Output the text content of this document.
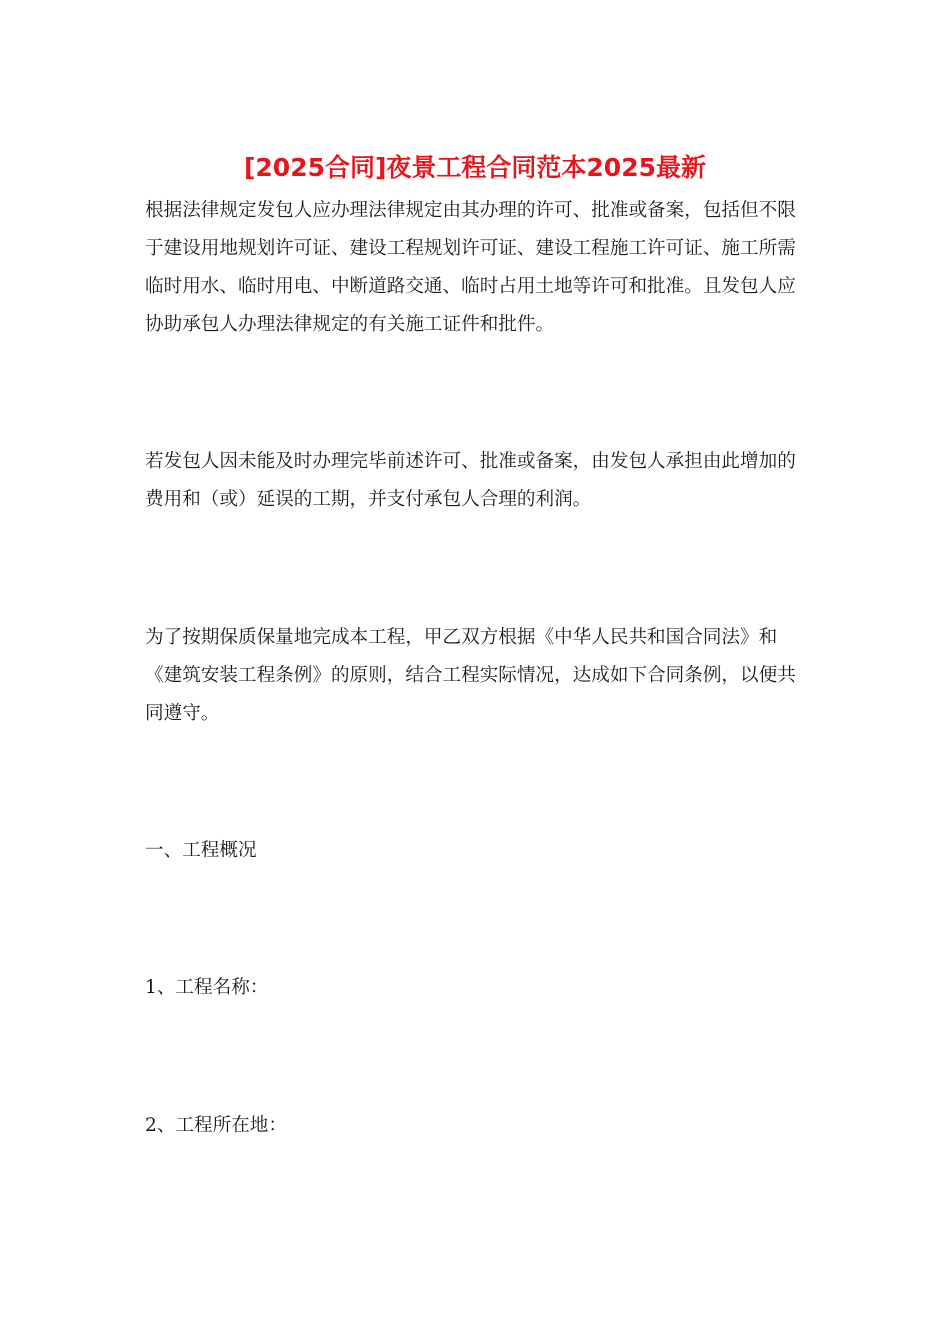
[2025合同]夜景工程合同范本2025最新

根据法律规定发包人应办理法律规定由其办理的许可、批准或备案，包括但不限于建设用地规划许可证、建设工程规划许可证、建设工程施工许可证、施工所需临时用水、临时用电、中断道路交通、临时占用土地等许可和批准。且发包人应协助承包人办理法律规定的有关施工证件和批件。

若发包人因未能及时办理完毕前述许可、批准或备案，由发包人承担由此增加的费用和（或）延误的工期，并支付承包人合理的利润。

为了按期保质保量地完成本工程，甲乙双方根据《中华人民共和国合同法》和《建筑安装工程条例》的原则，结合工程实际情况，达成如下合同条例，以便共同遵守。

一、工程概况

1、工程名称：

2、工程所在地：
